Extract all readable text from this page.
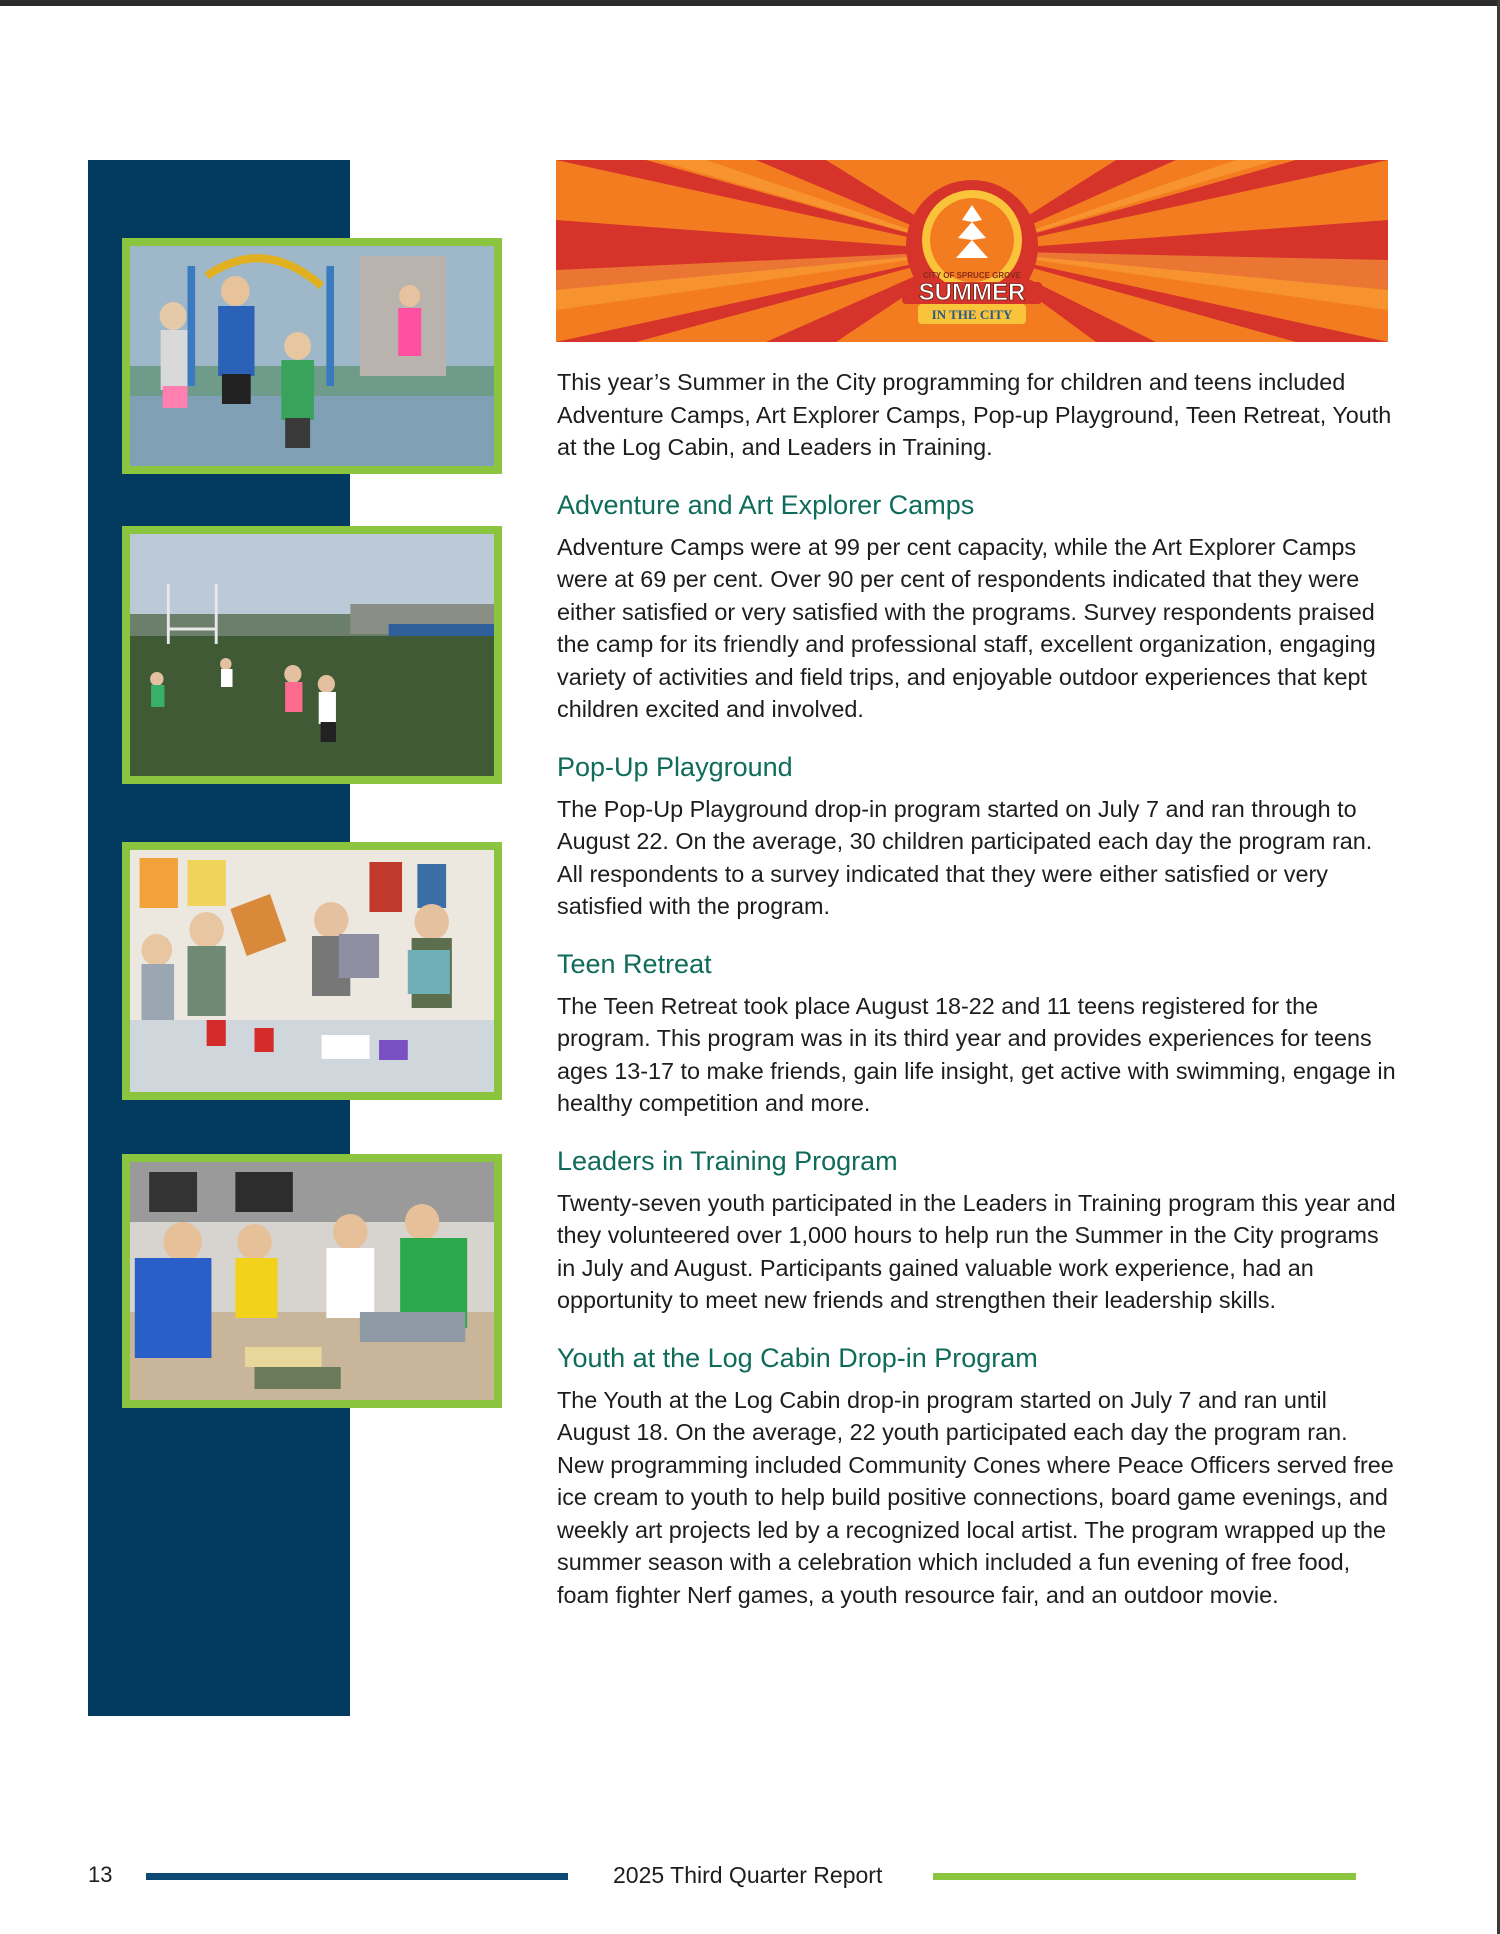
CITY OF SPRUCE GROVE
SUMMER
IN THE CITY

This year’s Summer in the City programming for children and teens included Adventure Camps, Art Explorer Camps, Pop-up Playground, Teen Retreat, Youth at the Log Cabin, and Leaders in Training.

Adventure and Art Explorer Camps

Adventure Camps were at 99 per cent capacity, while the Art Explorer Camps were at 69 per cent. Over 90 per cent of respondents indicated that they were either satisfied or very satisfied with the programs. Survey respondents praised the camp for its friendly and professional staff, excellent organization, engaging variety of activities and field trips, and enjoyable outdoor experiences that kept children excited and involved.

Pop-Up Playground

The Pop-Up Playground drop-in program started on July 7 and ran through to August 22. On the average, 30 children participated each day the program ran. All respondents to a survey indicated that they were either satisfied or very satisfied with the program.

Teen Retreat

The Teen Retreat took place August 18-22 and 11 teens registered for the program. This program was in its third year and provides experiences for teens ages 13-17 to make friends, gain life insight, get active with swimming, engage in healthy competition and more.

Leaders in Training Program

Twenty-seven youth participated in the Leaders in Training program this year and they volunteered over 1,000 hours to help run the Summer in the City programs in July and August. Participants gained valuable work experience, had an opportunity to meet new friends and strengthen their leadership skills.

Youth at the Log Cabin Drop-in Program

The Youth at the Log Cabin drop-in program started on July 7 and ran until August 18. On the average, 22 youth participated each day the program ran. New programming included Community Cones where Peace Officers served free ice cream to youth to help build positive connections, board game evenings, and weekly art projects led by a recognized local artist. The program wrapped up the summer season with a celebration which included a fun evening of free food, foam fighter Nerf games, a youth resource fair, and an outdoor movie.

13	2025 Third Quarter Report
